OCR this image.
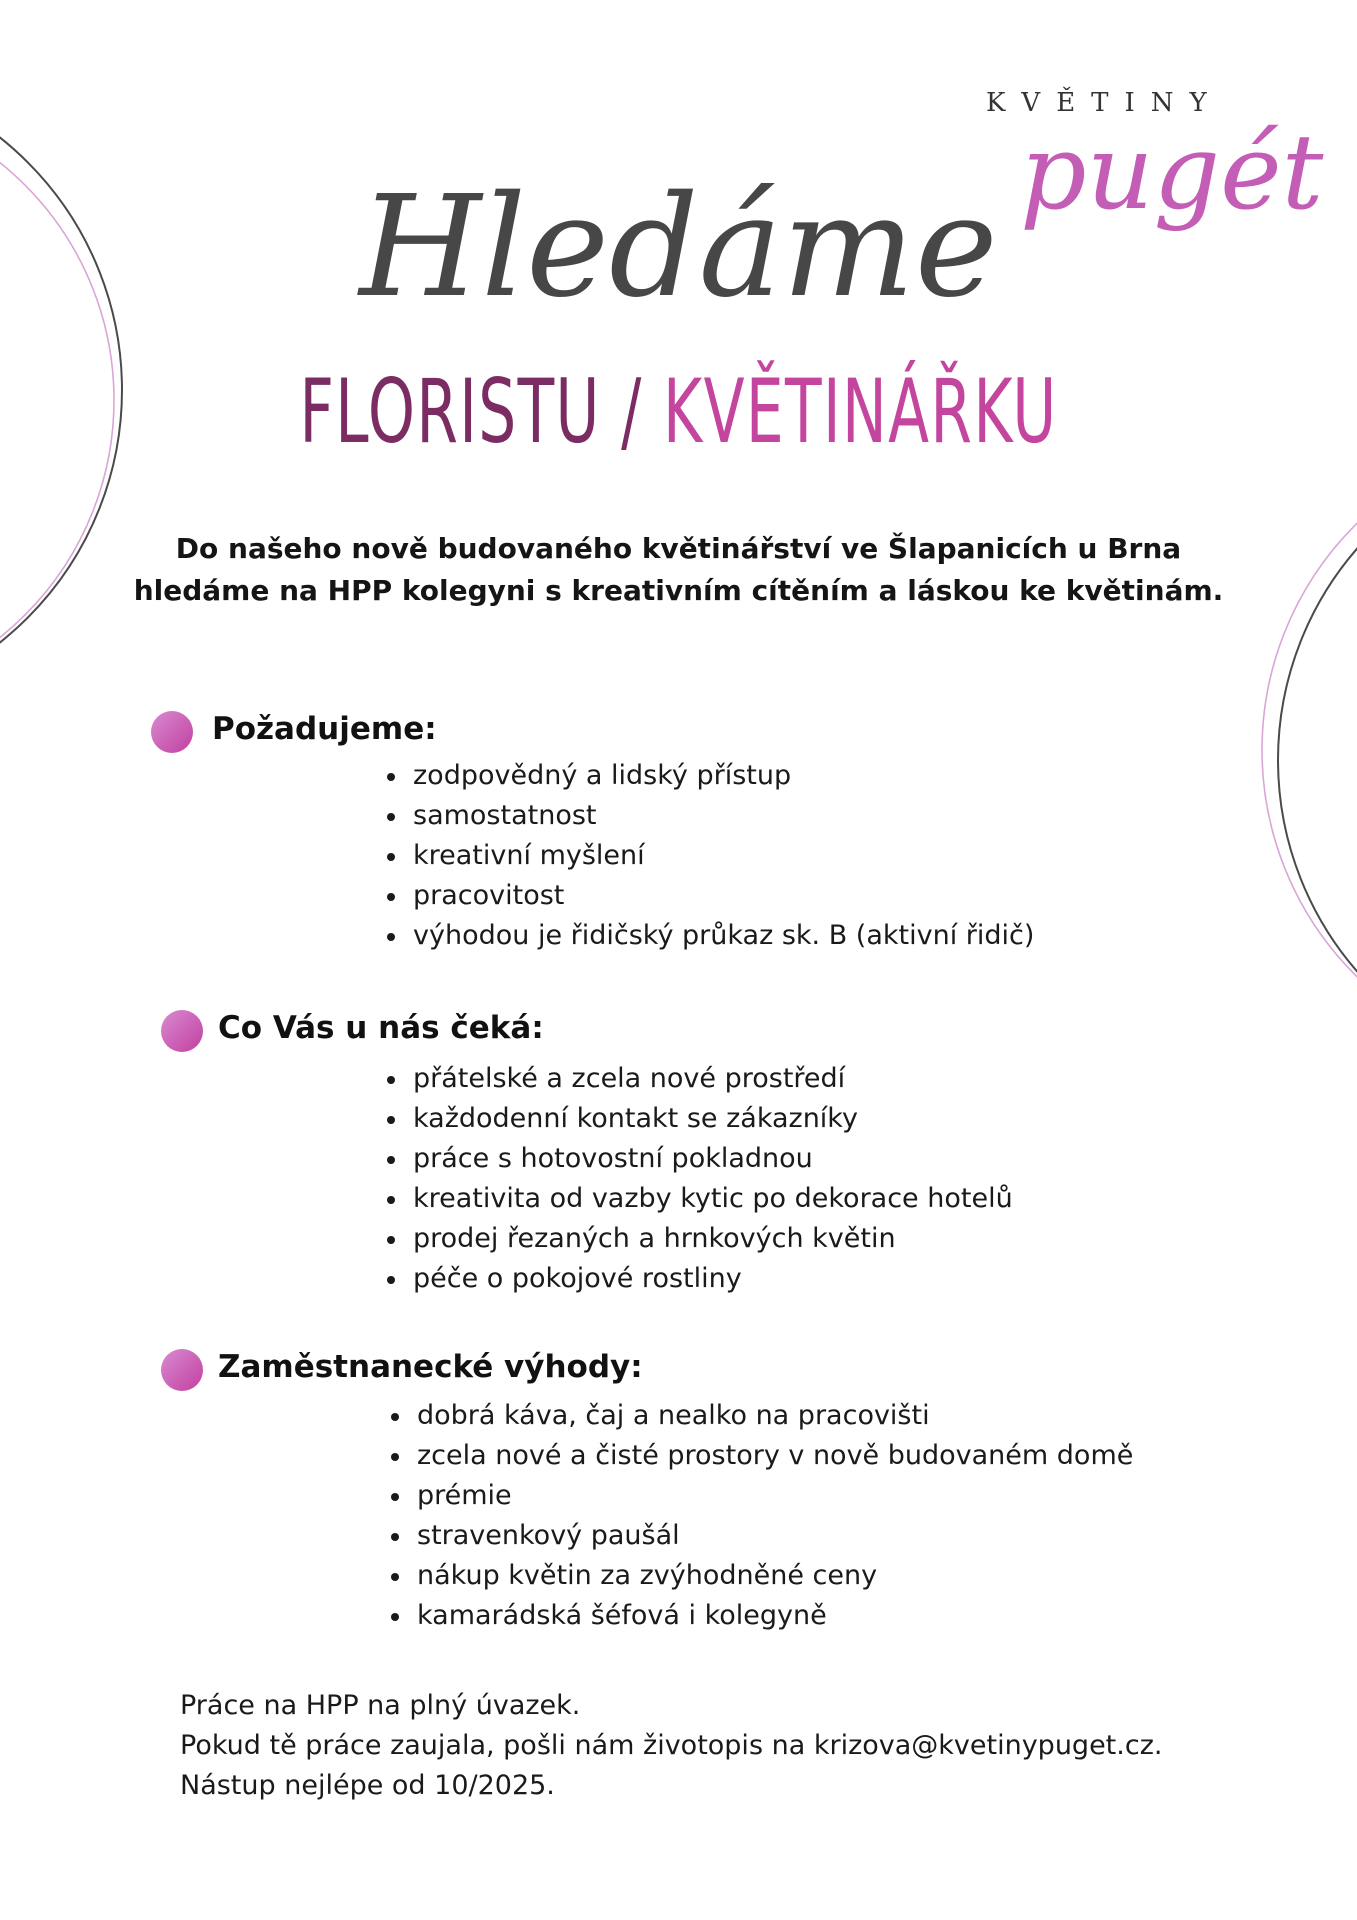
KVĚTINY
pugét
Hledáme
FLORISTU / KVĚTINÁŘKU
Do našeho nově budovaného květinářství ve Šlapanicích u Brna
hledáme na HPP kolegyni s kreativním cítěním a láskou ke květinám.
Požadujeme:
zodpovědný a lidský přístup
samostatnost
kreativní myšlení
pracovitost
výhodou je řidičský průkaz sk. B (aktivní řidič)
Co Vás u nás čeká:
přátelské a zcela nové prostředí
každodenní kontakt se zákazníky
práce s hotovostní pokladnou
kreativita od vazby kytic po dekorace hotelů
prodej řezaných a hrnkových květin
péče o pokojové rostliny
Zaměstnanecké výhody:
dobrá káva, čaj a nealko na pracovišti
zcela nové a čisté prostory v nově budovaném domě
prémie
stravenkový paušál
nákup květin za zvýhodněné ceny
kamarádská šéfová i kolegyně
Práce na HPP na plný úvazek.
Pokud tě práce zaujala, pošli nám životopis na krizova@kvetinypuget.cz.
Nástup nejlépe od 10/2025.
